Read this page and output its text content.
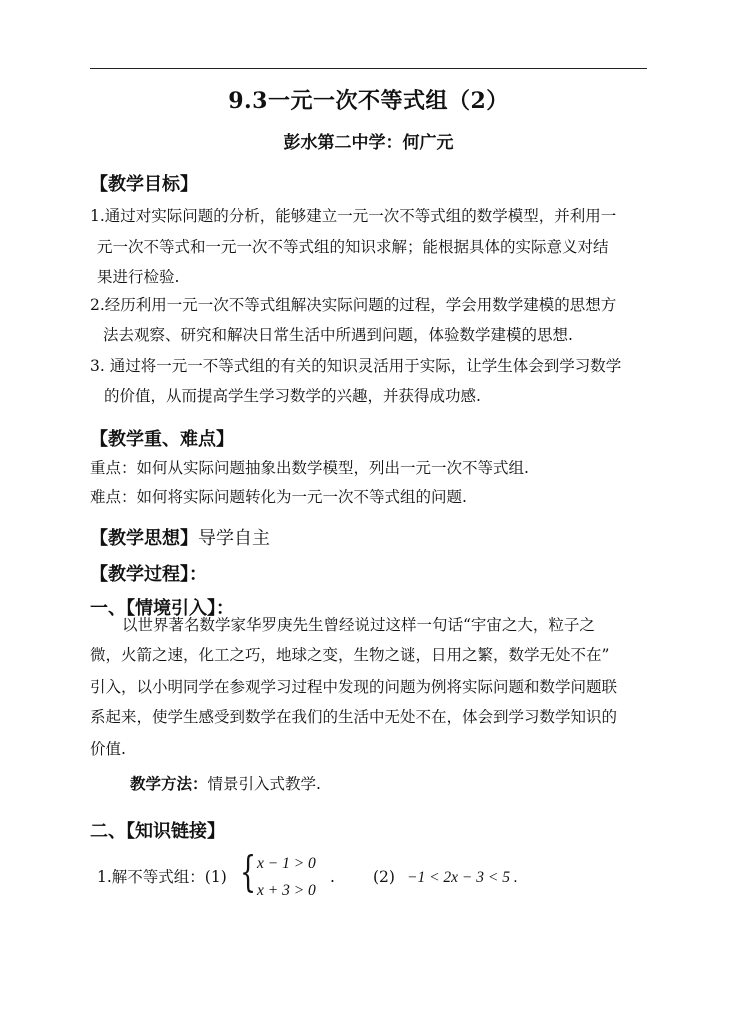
9.3一元一次不等式组（2）
彭水第二中学：何广元
【教学目标】
1.通过对实际问题的分析，能够建立一元一次不等式组的数学模型，并利用一
元一次不等式和一元一次不等式组的知识求解；能根据具体的实际意义对结
果进行检验.
2.经历利用一元一次不等式组解决实际问题的过程，学会用数学建模的思想方
法去观察、研究和解决日常生活中所遇到问题，体验数学建模的思想.
3. 通过将一元一不等式组的有关的知识灵活用于实际，让学生体会到学习数学
的价值，从而提高学生学习数学的兴趣，并获得成功感.
【教学重、难点】
重点：如何从实际问题抽象出数学模型，列出一元一次不等式组.
难点：如何将实际问题转化为一元一次不等式组的问题.
【教学思想】导学自主
【教学过程】：
一、【情境引入】：
以世界著名数学家华罗庚先生曾经说过这样一句话“宇宙之大，粒子之
微，火箭之速，化工之巧，地球之变，生物之谜，日用之繁，数学无处不在”
引入，以小明同学在参观学习过程中发现的问题为例将实际问题和数学问题联
系起来，使学生感受到数学在我们的生活中无处不在，体会到学习数学知识的
价值.
教学方法：情景引入式教学.
二、【知识链接】
1.解不等式组：(1) { x − 1 > 0
x + 3 > 0
. (2) −1 < 2x − 3 < 5 .
